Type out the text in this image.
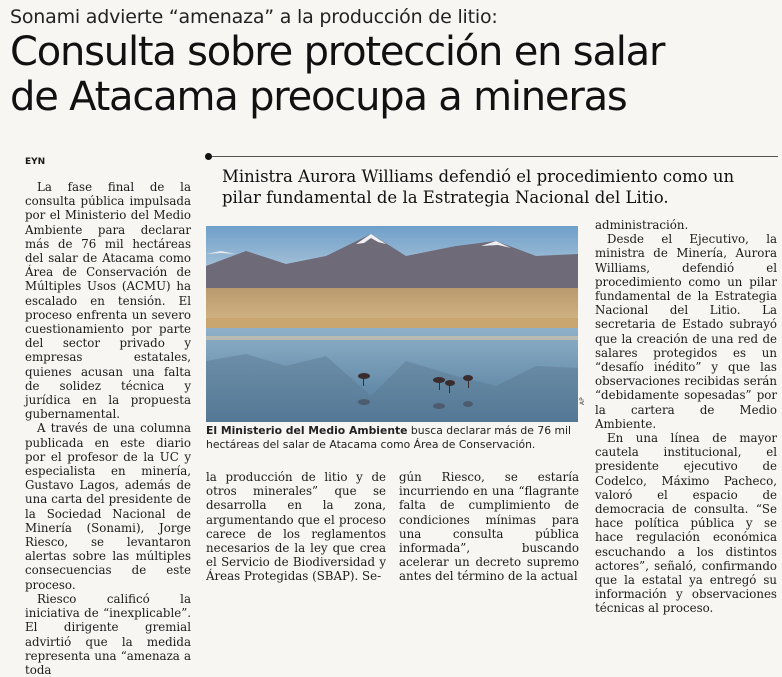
Sonami advierte “amenaza” a la producción de litio:
Consulta sobre protección en salar
de Atacama preocupa a mineras
EYN
Ministra Aurora Williams defendió el procedimiento como un pilar fundamental de la Estrategia Nacional del Litio.

La fase final de la consulta pública impulsada por el Ministerio del Medio Ambiente para declarar más de 76 mil hectáreas del salar de Atacama como Área de Conservación de Múltiples Usos (ACMU) ha escalado en tensión. El proceso enfrenta un severo cuestionamiento por parte del sector privado y empresas estatales, quienes acusan una falta de solidez técnica y jurídica en la propuesta gubernamental.

A través de una columna publicada en este diario por el profesor de la UC y especialista en minería, Gustavo Lagos, además de una carta del presidente de la Sociedad Nacional de Minería (Sonami), Jorge Riesco, se levantaron alertas sobre las múltiples consecuencias de este proceso.

Riesco calificó la iniciativa de “inexplicable”. El dirigente gremial advirtió que la medida representa una “amenaza a toda

AP
El Ministerio del Medio Ambiente busca declarar más de 76 mil hectáreas del salar de Atacama como Área de Conservación.

la producción de litio y de otros minerales” que se desarrolla en la zona, argumentando que el proceso carece de los reglamentos necesarios de la ley que crea el Servicio de Biodiversidad y Áreas Protegidas (SBAP). Se-

gún Riesco, se estaría incurriendo en una “flagrante falta de cumplimiento de condiciones mínimas para una consulta pública informada”, buscando acelerar un decreto supremo antes del término de la actual

administración.

Desde el Ejecutivo, la ministra de Minería, Aurora Williams, defendió el procedimiento como un pilar fundamental de la Estrategia Nacional del Litio. La secretaria de Estado subrayó que la creación de una red de salares protegidos es un “desafío inédito” y que las observaciones recibidas serán “debidamente sopesadas” por la cartera de Medio Ambiente.

En una línea de mayor cautela institucional, el presidente ejecutivo de Codelco, Máximo Pacheco, valoró el espacio de democracia de consulta. “Se hace política pública y se hace regulación económica escuchando a los distintos actores”, señaló, confirmando que la estatal ya entregó su información y observaciones técnicas al proceso.
